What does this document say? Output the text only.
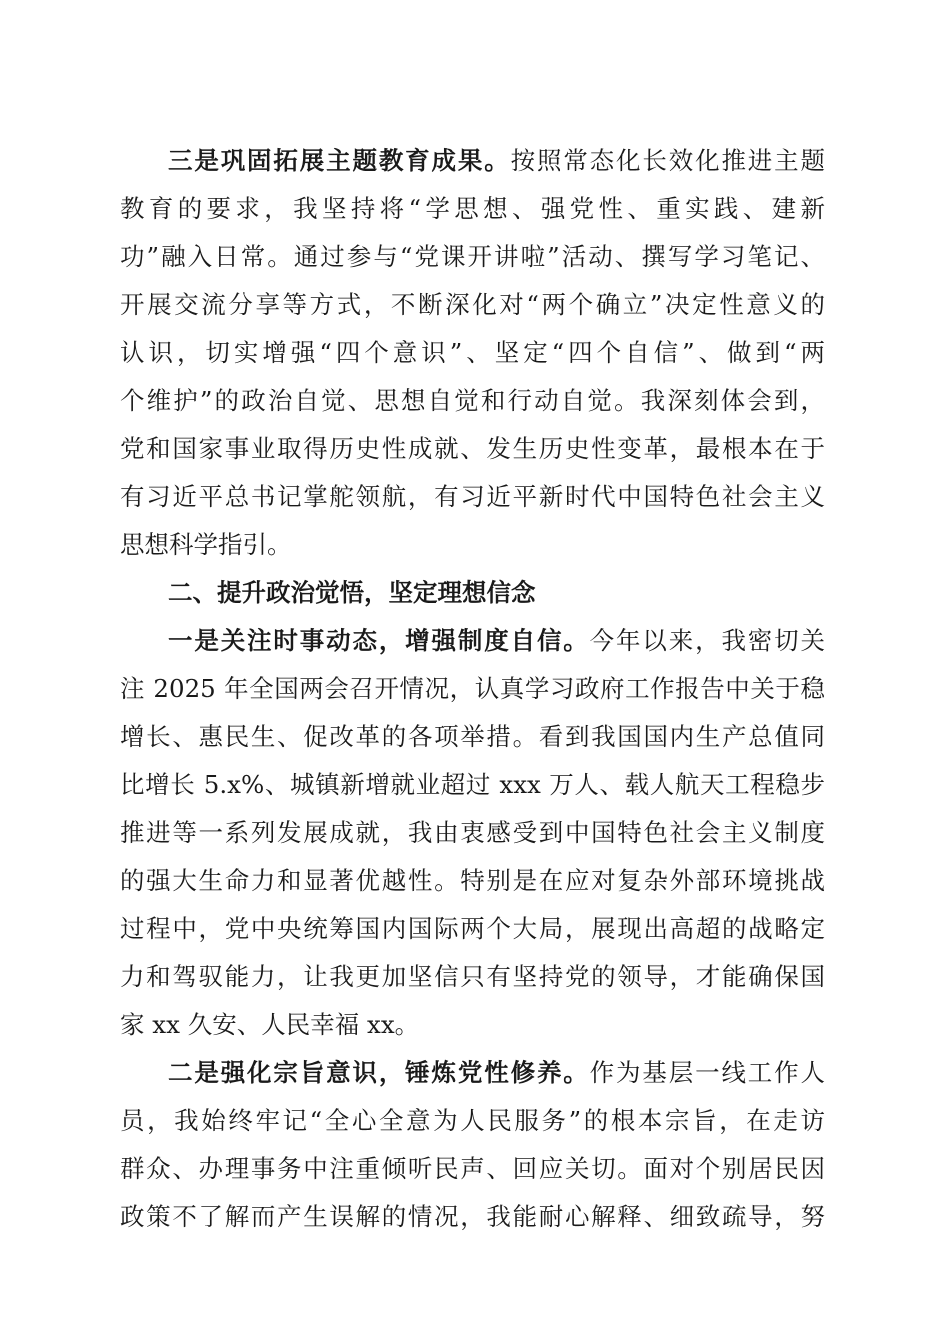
三是巩固拓展主题教育成果。按照常态化长效化推进主题
教育的要求，我坚持将“学思想、强党性、重实践、建新
功”融入日常。通过参与“党课开讲啦”活动、撰写学习笔记、
开展交流分享等方式，不断深化对“两个确立”决定性意义的
认识，切实增强“四个意识”、坚定“四个自信”、做到“两
个维护”的政治自觉、思想自觉和行动自觉。我深刻体会到，
党和国家事业取得历史性成就、发生历史性变革，最根本在于
有习近平总书记掌舵领航，有习近平新时代中国特色社会主义
思想科学指引。
二、提升政治觉悟，坚定理想信念
一是关注时事动态，增强制度自信。今年以来，我密切关
注 2025 年全国两会召开情况，认真学习政府工作报告中关于稳
增长、惠民生、促改革的各项举措。看到我国国内生产总值同
比增长 5.x%、城镇新增就业超过 xxx 万人、载人航天工程稳步
推进等一系列发展成就，我由衷感受到中国特色社会主义制度
的强大生命力和显著优越性。特别是在应对复杂外部环境挑战
过程中，党中央统筹国内国际两个大局，展现出高超的战略定
力和驾驭能力，让我更加坚信只有坚持党的领导，才能确保国
家 xx 久安、人民幸福 xx。
二是强化宗旨意识，锤炼党性修养。作为基层一线工作人
员，我始终牢记“全心全意为人民服务”的根本宗旨，在走访
群众、办理事务中注重倾听民声、回应关切。面对个别居民因
政策不了解而产生误解的情况，我能耐心解释、细致疏导，努
